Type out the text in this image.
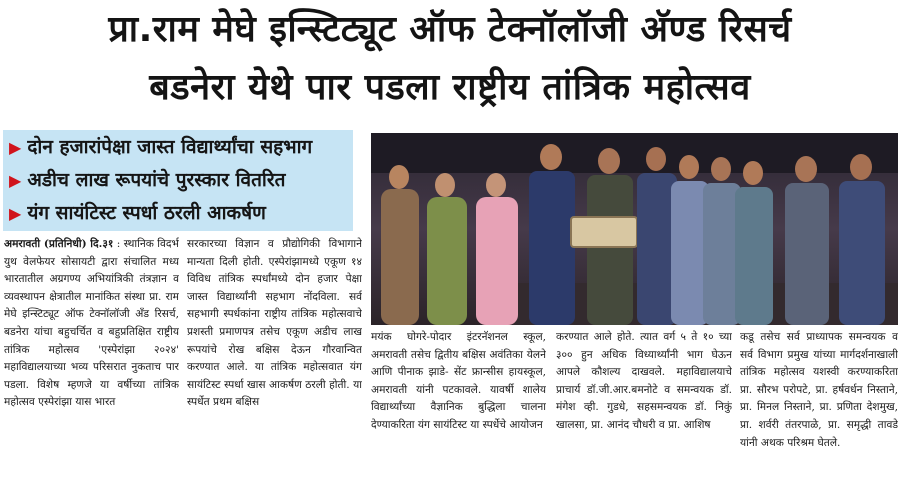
प्रा.राम मेघे इन्स्टिट्यूट ऑफ टेक्नॉलॉजी अ‍ॅण्ड रिसर्च
बडनेरा येथे पार पडला राष्ट्रीय तांत्रिक महोत्सव
▶ दोन हजारांपेक्षा जास्त विद्यार्थ्यांचा सहभाग
▶ अडीच लाख रूपयांचे पुरस्कार वितरित
▶ यंग सायंटिस्ट स्पर्धा ठरली आकर्षण
अमरावती (प्रतिनिधी) दि.३१ : स्थानिक विदर्भ युथ वेलफेयर सोसायटी द्वारा संचालित मध्य भारतातील अग्रगण्य अभियांत्रिकी तंत्रज्ञान व व्यवस्थापन क्षेत्रातील मानांकित संस्था प्रा. राम मेघे इन्स्टिट्यूट ऑफ टेक्नॉलॉजी अँड रिसर्च, बडनेरा यांचा बहुचर्चित व बहुप्रतिक्षित राष्ट्रीय तांत्रिक महोत्सव 'एस्पेरांझा २०२४' महाविद्यालयाच्या भव्य परिसरात नुकताच पार पडला. विशेष म्हणजे या वर्षीच्या तांत्रिक महोत्सव एस्पेरांझा यास भारत
सरकारच्या विज्ञान व प्रौद्योगिकी विभागाने मान्यता दिली होती. एस्पेरांझामध्ये एकूण १४ विविध तांत्रिक स्पर्धांमध्ये दोन हजार पेक्षा जास्त विद्यार्थ्यांनी सहभाग नोंदविला. सर्व सहभागी स्पर्धकांना राष्ट्रीय तांत्रिक महोत्सवाचे प्रशस्ती प्रमाणपत्र तसेच एकूण अडीच लाख रूपयांचे रोख बक्षिस देऊन गौरवान्वित करण्यात आले. या तांत्रिक महोत्सवात यंग सायंटिस्ट स्पर्धा खास आकर्षण ठरली होती. या स्पर्धेत प्रथम बक्षिस
मयंक घोगरे-पोदार इंटरनॅशनल स्कूल, अमरावती तसेच द्वितीय बक्षिस अवंतिका येलने आणि पीनाक झाडे- सेंट फ्रान्सीस हायस्कूल, अमरावती यांनी पटकावले. यावर्षी शालेय विद्यार्थ्यांच्या वैज्ञानिक बुद्धिला चालना देण्याकरिता यंग सायंटिस्ट या स्पर्धेचे आयोजन
करण्यात आले होते. त्यात वर्ग ५ ते १० च्या ३०० हुन अधिक विध्यार्थ्यांनी भाग घेऊन आपले कौशल्य दाखवले. महाविद्यालयाचे प्राचार्य डॉ.जी.आर.बमनोटे व समन्वयक डॉ. मंगेश व्ही. गुडधे, सहसमन्वयक डॉ. निकुं खालसा, प्रा. आनंद चौधरी व प्रा. आशिष
कडू तसेच सर्व प्राध्यापक समन्वयक व सर्व विभाग प्रमुख यांच्या मार्गदर्शनाखाली तांत्रिक महोत्सव यशस्वी करण्याकरिता प्रा. सौरभ परोपटे, प्रा. हर्षवर्धन निस्ताने, प्रा. मिनल निस्ताने, प्रा. प्रणिता देशमुख, प्रा. शर्वरी तंतरपाळे, प्रा. समृद्धी तावडे यांनी अथक परिश्रम घेतले.
